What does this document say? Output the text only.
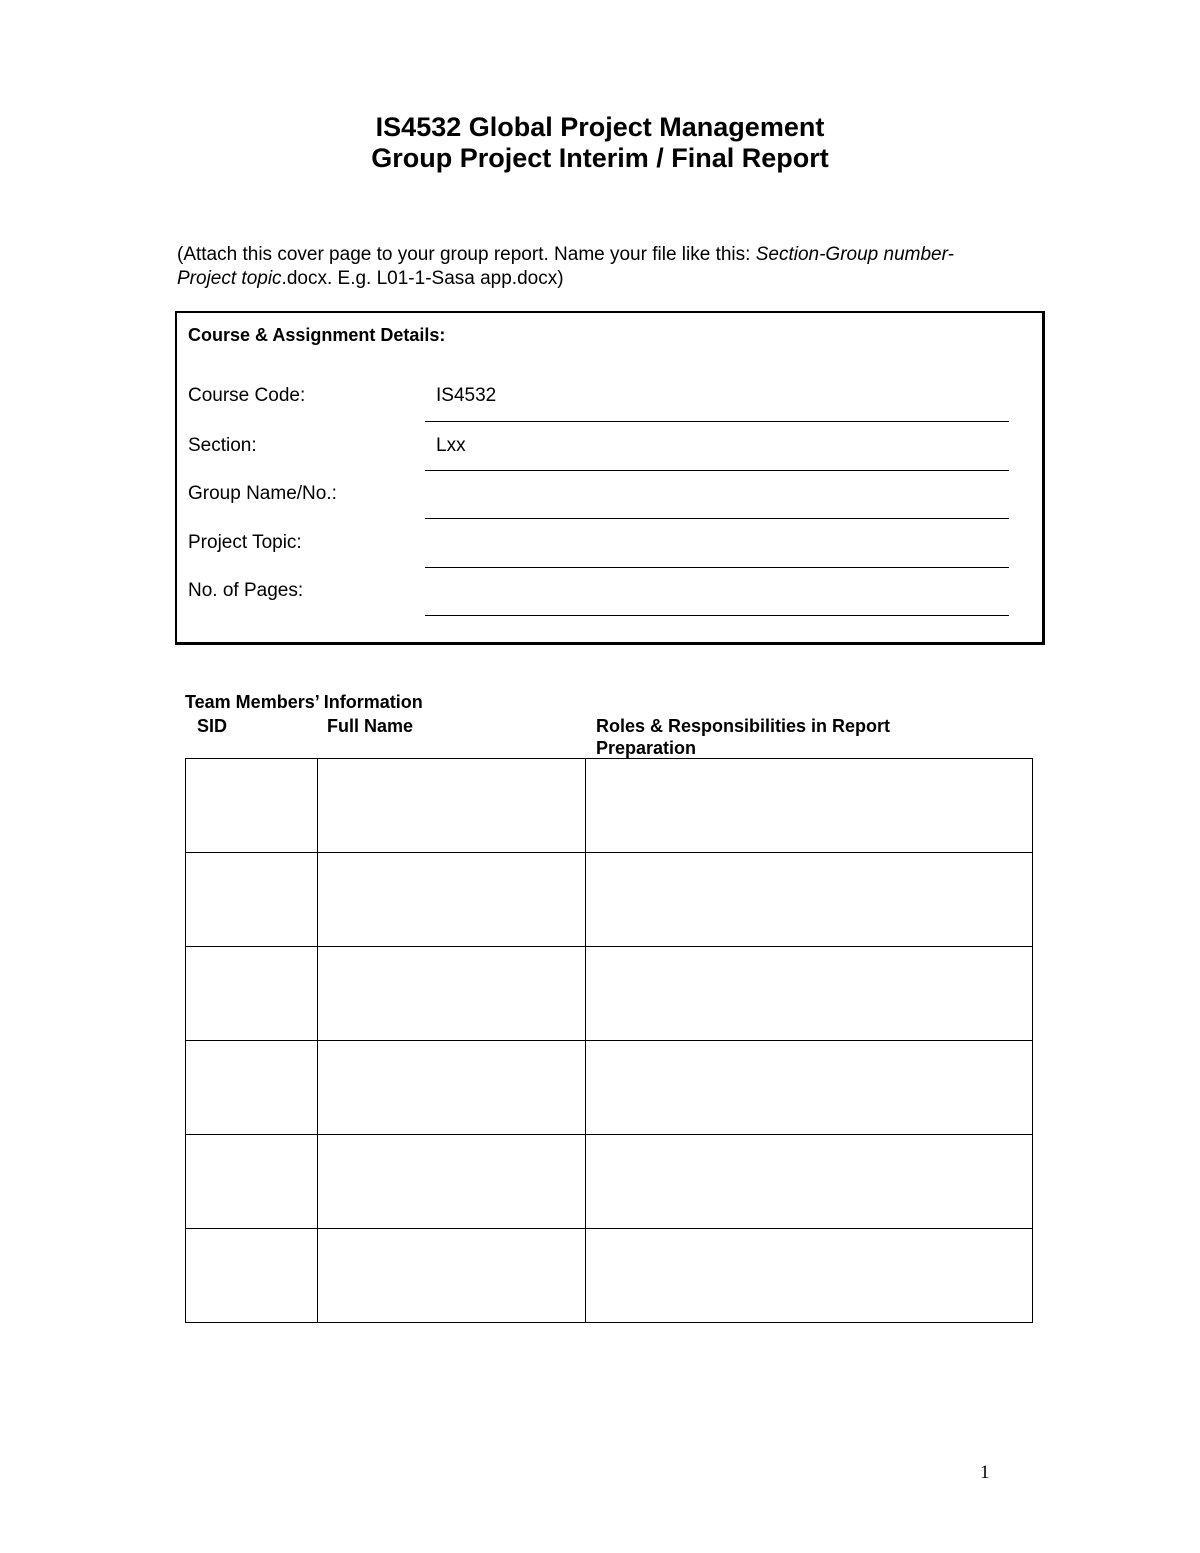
IS4532 Global Project Management
Group Project Interim / Final Report
(Attach this cover page to your group report. Name your file like this: Section-Group number-Project topic.docx. E.g. L01-1-Sasa app.docx)
Course & Assignment Details:
Course Code:	IS4532
Section:	Lxx
Group Name/No.:
Project Topic:
No. of Pages:
Team Members’ Information
SID	Full Name	Roles & Responsibilities in Report Preparation

1
